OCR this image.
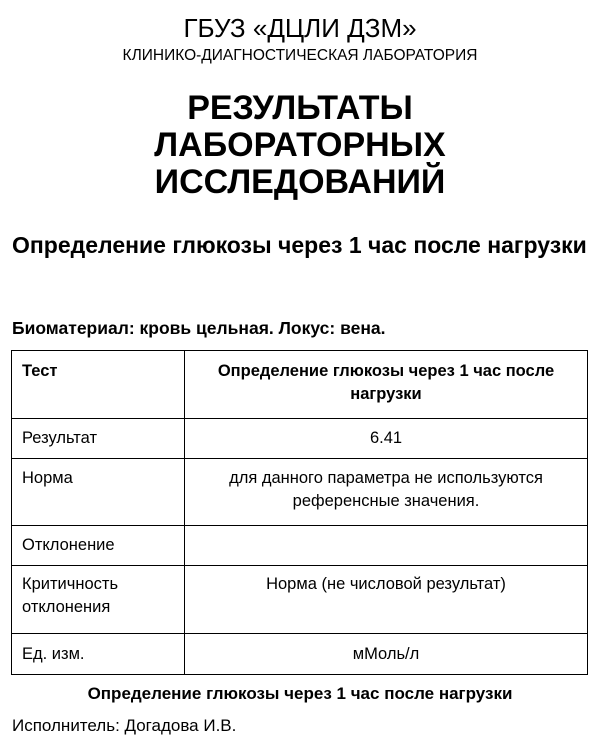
ГБУЗ «ДЦЛИ ДЗМ»
КЛИНИКО-ДИАГНОСТИЧЕСКАЯ ЛАБОРАТОРИЯ
РЕЗУЛЬТАТЫ
ЛАБОРАТОРНЫХ
ИССЛЕДОВАНИЙ
Определение глюкозы через 1 час после нагрузки
Биоматериал: кровь цельная. Локус: вена.
Тест	Определение глюкозы через 1 час после нагрузки
Результат	6.41
Норма	для данного параметра не используются референсные значения.
Отклонение	
Критичность отклонения	Норма (не числовой результат)
Ед. изм.	мМоль/л
Определение глюкозы через 1 час после нагрузки
Исполнитель: Догадова И.В.
